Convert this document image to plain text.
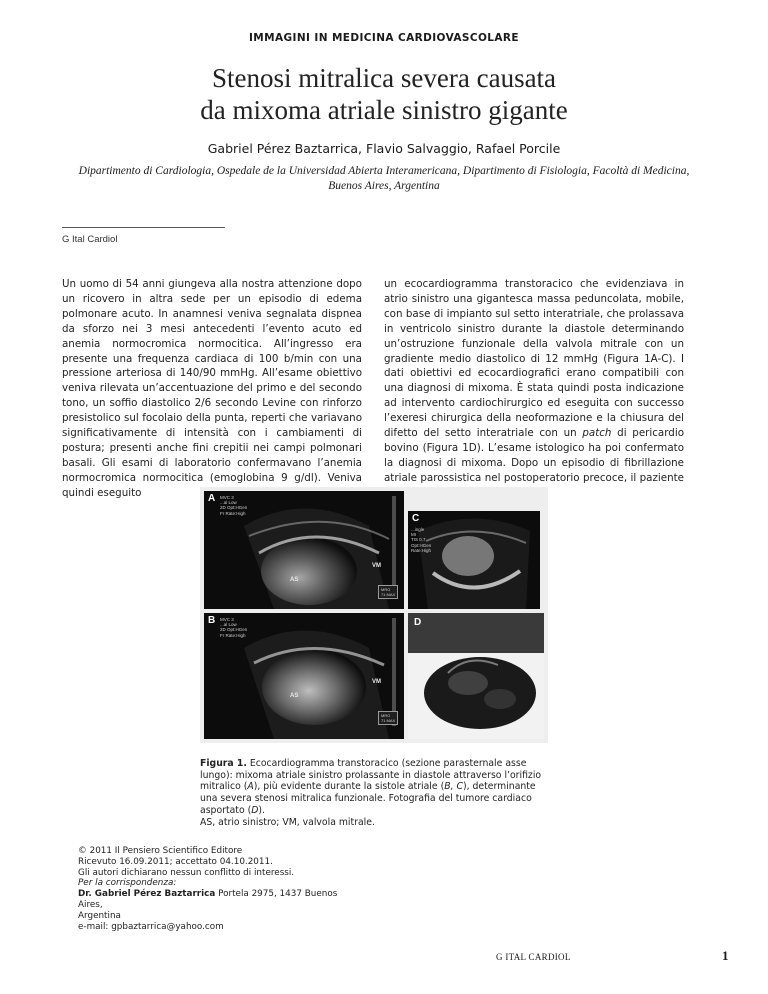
IMMAGINI IN MEDICINA CARDIOVASCOLARE
Stenosi mitralica severa causata
da mixoma atriale sinistro gigante
Gabriel Pérez Baztarrica, Flavio Salvaggio, Rafael Porcile
Dipartimento di Cardiologia, Ospedale de la Universidad Abierta Interamericana, Dipartimento di Fisiologia, Facoltà di Medicina, Buenos Aires, Argentina
G Ital Cardiol

Un uomo di 54 anni giungeva alla nostra attenzione dopo un ricovero in altra sede per un episodio di edema polmonare acuto. In anamnesi veniva segnalata dispnea da sforzo nei 3 mesi antecedenti l’evento acuto ed anemia normocromica normocitica. All’ingresso era presente una frequenza cardiaca di 100 b/min con una pressione arteriosa di 140/90 mmHg. All’esame obiettivo veniva rilevata un’accentuazione del primo e del secondo tono, un soffio diastolico 2/6 secondo Levine con rinforzo presistolico sul focolaio della punta, reperti che variavano significativamente di intensità con i cambiamenti di postura; presenti anche fini crepitii nei campi polmonari basali. Gli esami di laboratorio confermavano l’anemia normocromica normocitica (emoglobina 9 g/dl). Veniva quindi eseguito

un ecocardiogramma transtoracico che evidenziava in atrio sinistro una gigantesca massa peduncolata, mobile, con base di impianto sul setto interatriale, che prolassava in ventricolo sinistro durante la diastole determinando un’ostruzione funzionale della valvola mitrale con un gradiente medio diastolico di 12 mmHg (Figura 1A-C). I dati obiettivi ed ecocardiografici erano compatibili con una diagnosi di mixoma. È stata quindi posta indicazione ad intervento cardiochirurgico ed eseguita con successo l’exeresi chirurgica della neoformazione e la chiusura del difetto del setto interatriale con un patch di pericardio bovino (Figura 1D). L’esame istologico ha poi confermato la diagnosi di mixoma. Dopo un episodio di fibrillazione atriale parossistica nel postoperatorio precoce, il paziente

A MVC 3
...al Low
2D Opt:HGen
Fr Rate:High
AS
VM
MRG
71 MAX
B MVC 3
...al Low
2D Opt:HGen
Fr Rate:High
AS
VM
MRG
71 MAX
C
...ingle
MI
TIS 0.7
Opt:HGen
Rate:High
D

Figura 1. Ecocardiogramma transtoracico (sezione parasternale asse lungo): mixoma atriale sinistro prolassante in diastole attraverso l’orifizio mitralico (A), più evidente durante la sistole atriale (B, C), determinante una severa stenosi mitralica funzionale. Fotografia del tumore cardiaco asportato (D).

AS, atrio sinistro; VM, valvola mitrale.

© 2011 Il Pensiero Scientifico Editore
Ricevuto 16.09.2011; accettato 04.10.2011.
Gli autori dichiarano nessun conflitto di interessi.
Per la corrispondenza:
Dr. Gabriel Pérez Baztarrica Portela 2975, 1437 Buenos Aires,
Argentina
e-mail: gpbaztarrica@yahoo.com
G ITAL CARDIOL	1
